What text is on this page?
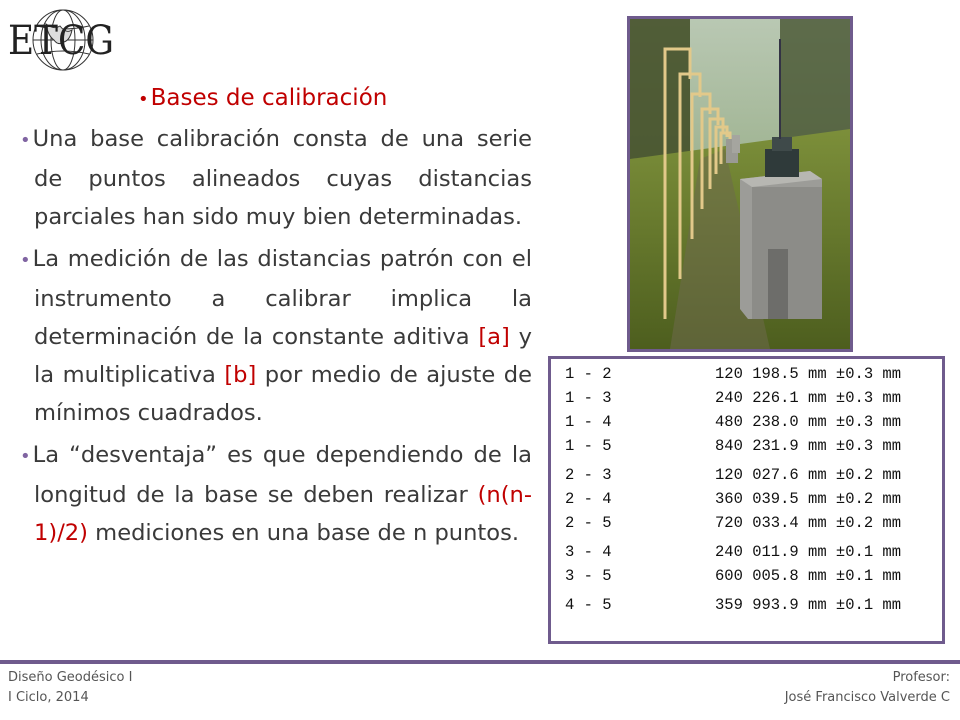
ETCG
•Bases de calibración
•Una base calibración consta de una serie de puntos alineados cuyas distancias parciales han sido muy bien determinadas.
•La medición de las distancias patrón con el instrumento a calibrar implica la determinación de la constante aditiva [a] y la multiplicativa [b] por medio de ajuste de mínimos cuadrados.
•La “desventaja” es que dependiendo de la longitud de la base se deben realizar (n(n-1)/2) mediciones en una base de n puntos.
1 - 2	120 198.5 mm ±0.3 mm
1 - 3	240 226.1 mm ±0.3 mm
1 - 4	480 238.0 mm ±0.3 mm
1 - 5	840 231.9 mm ±0.3 mm
2 - 3	120 027.6 mm ±0.2 mm
2 - 4	360 039.5 mm ±0.2 mm
2 - 5	720 033.4 mm ±0.2 mm
3 - 4	240 011.9 mm ±0.1 mm
3 - 5	600 005.8 mm ±0.1 mm
4 - 5	359 993.9 mm ±0.1 mm
Diseño Geodésico I
I Ciclo, 2014
Profesor:
José Francisco Valverde C
